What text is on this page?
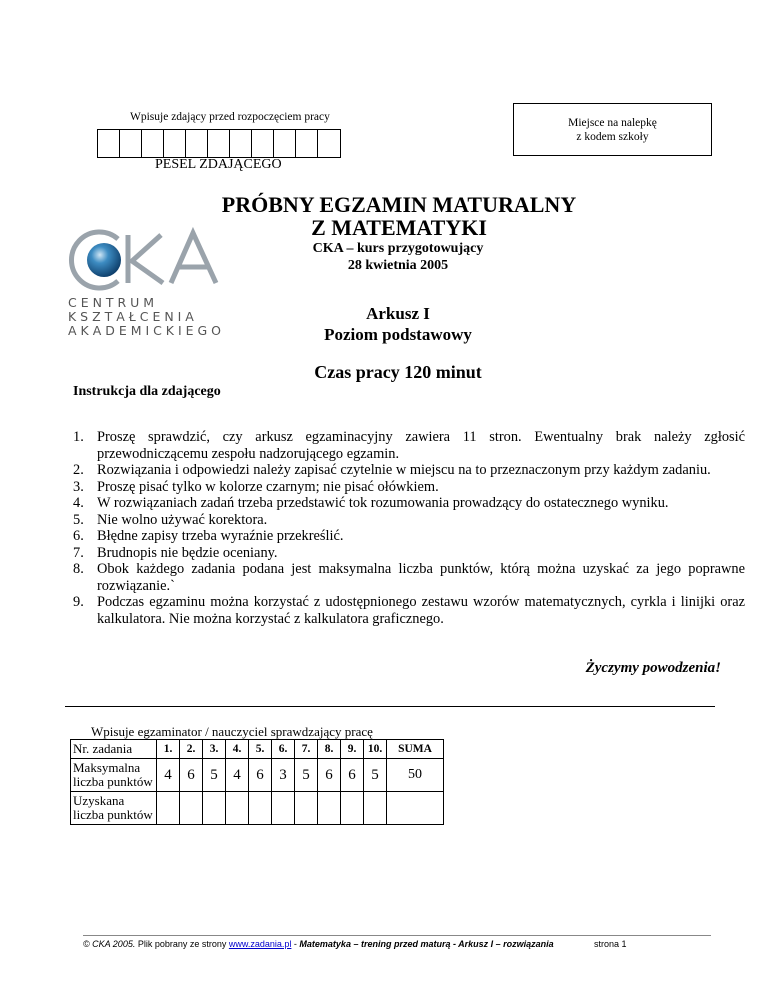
Wpisuje zdający przed rozpoczęciem pracy
PESEL ZDAJĄCEGO
Miejsce na nalepkę
z kodem szkoły
C E N T R U M
K S Z T A Ł C E N I A
A K A D E M I C K I E G O
PRÓBNY EGZAMIN MATURALNY
Z MATEMATYKI
CKA – kurs przygotowujący
28 kwietnia 2005
Arkusz I
Poziom podstawowy
Czas pracy 120 minut
Instrukcja dla zdającego
1. Proszę sprawdzić, czy arkusz egzaminacyjny zawiera 11 stron. Ewentualny brak należy zgłosić przewodniczącemu zespołu nadzorującego egzamin.
2. Rozwiązania i odpowiedzi należy zapisać czytelnie w miejscu na to przeznaczonym przy każdym zadaniu.
3. Proszę pisać tylko w kolorze czarnym; nie pisać ołówkiem.
4. W rozwiązaniach zadań trzeba przedstawić tok rozumowania prowadzący do ostatecznego wyniku.
5. Nie wolno używać korektora.
6. Błędne zapisy trzeba wyraźnie przekreślić.
7. Brudnopis nie będzie oceniany.
8. Obok każdego zadania podana jest maksymalna liczba punktów, którą można uzyskać za jego poprawne rozwiązanie.`
9. Podczas egzaminu można korzystać z udostępnionego zestawu wzorów matematycznych, cyrkla i linijki oraz kalkulatora. Nie można korzystać z kalkulatora graficznego.
Życzymy powodzenia!
Wpisuje egzaminator / nauczyciel sprawdzający pracę
Nr. zadania	1.	2.	3.	4.	5.	6.	7.	8.	9.	10.	SUMA
Maksymalna liczba punktów	4	6	5	4	6	3	5	6	6	5	50
Uzyskana liczba punktów											
© CKA 2005. Plik pobrany ze strony www.zadania.pl - Matematyka – trening przed maturą - Arkusz I – rozwiązania	strona 1
